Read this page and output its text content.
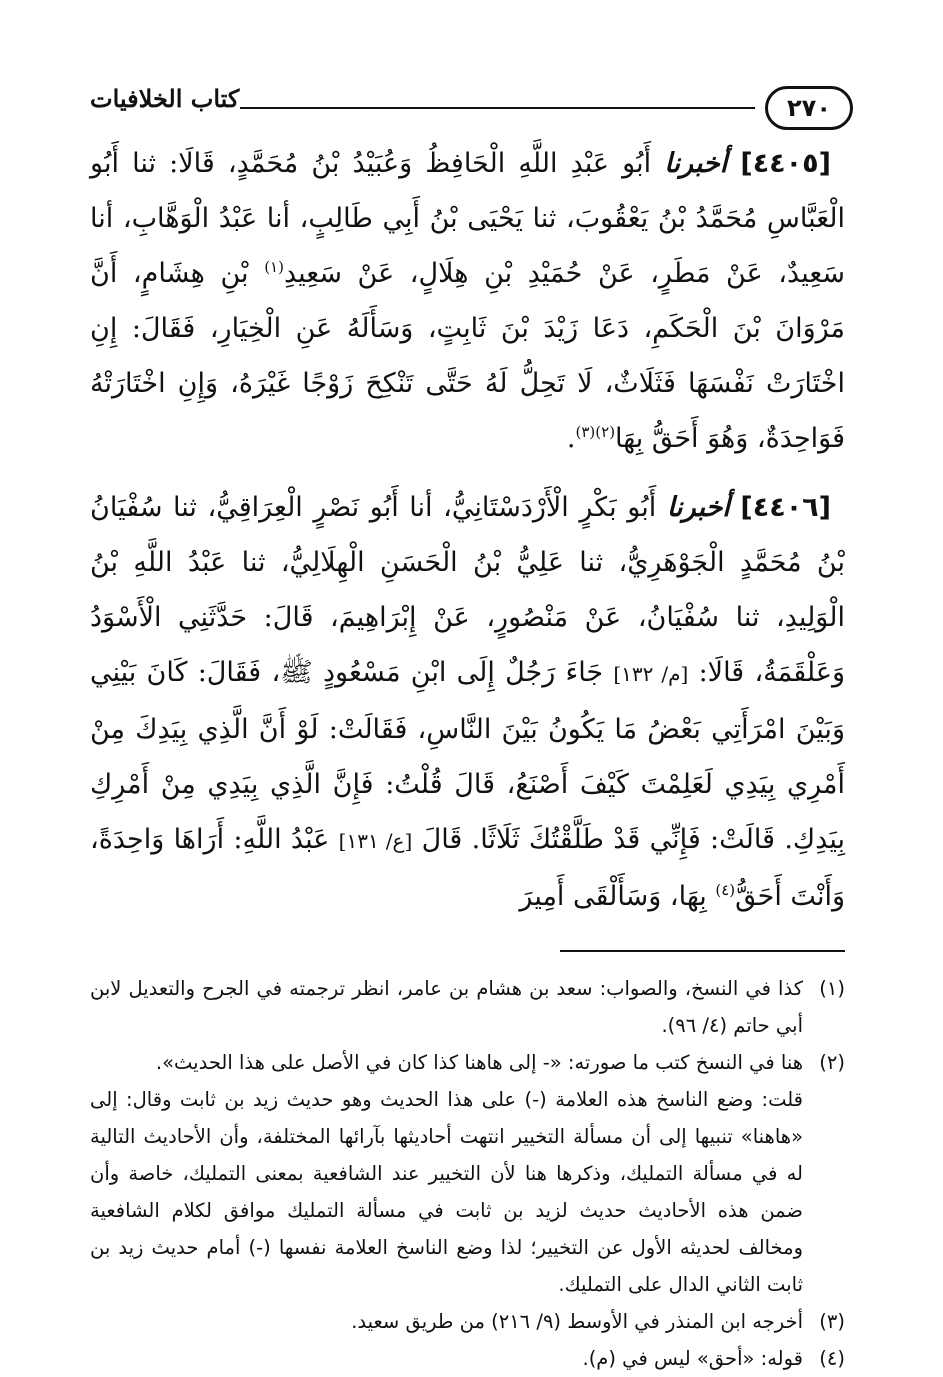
٢٧٠
كتاب الخلافيات

[٤٤٠٥] أخبرنا أَبُو عَبْدِ اللَّهِ الْحَافِظُ وَعُبَيْدُ بْنُ مُحَمَّدٍ، قَالَا: ثنا أَبُو الْعَبَّاسِ مُحَمَّدُ بْنُ يَعْقُوبَ، ثنا يَحْيَى بْنُ أَبِي طَالِبٍ، أنا عَبْدُ الْوَهَّابِ، أنا سَعِيدٌ، عَنْ مَطَرٍ، عَنْ حُمَيْدِ بْنِ هِلَالٍ، عَنْ سَعِيدِ$^{(١)}$ بْنِ هِشَامٍ، أَنَّ مَرْوَانَ بْنَ الْحَكَمِ، دَعَا زَيْدَ بْنَ ثَابِتٍ، وَسَأَلَهُ عَنِ الْخِيَارِ، فَقَالَ: إِنِ اخْتَارَتْ نَفْسَهَا فَثَلَاثٌ، لَا تَحِلُّ لَهُ حَتَّى تَنْكِحَ زَوْجًا غَيْرَهُ، وَإِنِ اخْتَارَتْهُ فَوَاحِدَةٌ، وَهُوَ أَحَقُّ بِهَا$^{(٢)(٣)}$.

[٤٤٠٦] أخبرنا أَبُو بَكْرٍ الْأَرْدَسْتَانِيُّ، أنا أَبُو نَصْرٍ الْعِرَاقِيُّ، ثنا سُفْيَانُ بْنُ مُحَمَّدٍ الْجَوْهَرِيُّ، ثنا عَلِيُّ بْنُ الْحَسَنِ الْهِلَالِيُّ، ثنا عَبْدُ اللَّهِ بْنُ الْوَلِيدِ، ثنا سُفْيَانُ، عَنْ مَنْصُورٍ، عَنْ إِبْرَاهِيمَ، قَالَ: حَدَّثَنِي الْأَسْوَدُ وَعَلْقَمَةُ، قَالَا: [م/ ١٣٢] جَاءَ رَجُلٌ إِلَى ابْنِ مَسْعُودٍ ﷺ، فَقَالَ: كَانَ بَيْنِي وَبَيْنَ امْرَأَتِي بَعْضُ مَا يَكُونُ بَيْنَ النَّاسِ، فَقَالَتْ: لَوْ أَنَّ الَّذِي بِيَدِكَ مِنْ أَمْرِي بِيَدِي لَعَلِمْتَ كَيْفَ أَصْنَعُ، قَالَ قُلْتُ: فَإِنَّ الَّذِي بِيَدِي مِنْ أَمْرِكِ بِيَدِكِ. قَالَتْ: فَإِنِّي قَدْ طَلَّقْتُكَ ثَلَاثًا. قَالَ [ع/ ١٣١] عَبْدُ اللَّهِ: أَرَاهَا وَاحِدَةً، وَأَنْتَ أَحَقُّ$^{(٤)}$ بِهَا، وَسَأَلْقَى أَمِيرَ

(١)
كذا في النسخ، والصواب: سعد بن هشام بن عامر، انظر ترجمته في الجرح والتعديل لابن أبي حاتم (٤/ ٩٦).
(٢)
هنا في النسخ كتب ما صورته: «- إلى هاهنا كذا كان في الأصل على هذا الحديث».
قلت: وضع الناسخ هذه العلامة (-) على هذا الحديث وهو حديث زيد بن ثابت وقال: إلى «هاهنا» تنبيها إلى أن مسألة التخيير انتهت أحاديثها بآرائها المختلفة، وأن الأحاديث التالية له في مسألة التمليك، وذكرها هنا لأن التخيير عند الشافعية بمعنى التمليك، خاصة وأن ضمن هذه الأحاديث حديث لزيد بن ثابت في مسألة التمليك موافق لكلام الشافعية ومخالف لحديثه الأول عن التخيير؛ لذا وضع الناسخ العلامة نفسها (-) أمام حديث زيد بن ثابت الثاني الدال على التمليك.
(٣)
أخرجه ابن المنذر في الأوسط (٩/ ٢١٦) من طريق سعيد.
(٤)
قوله: «أحق» ليس في (م).
